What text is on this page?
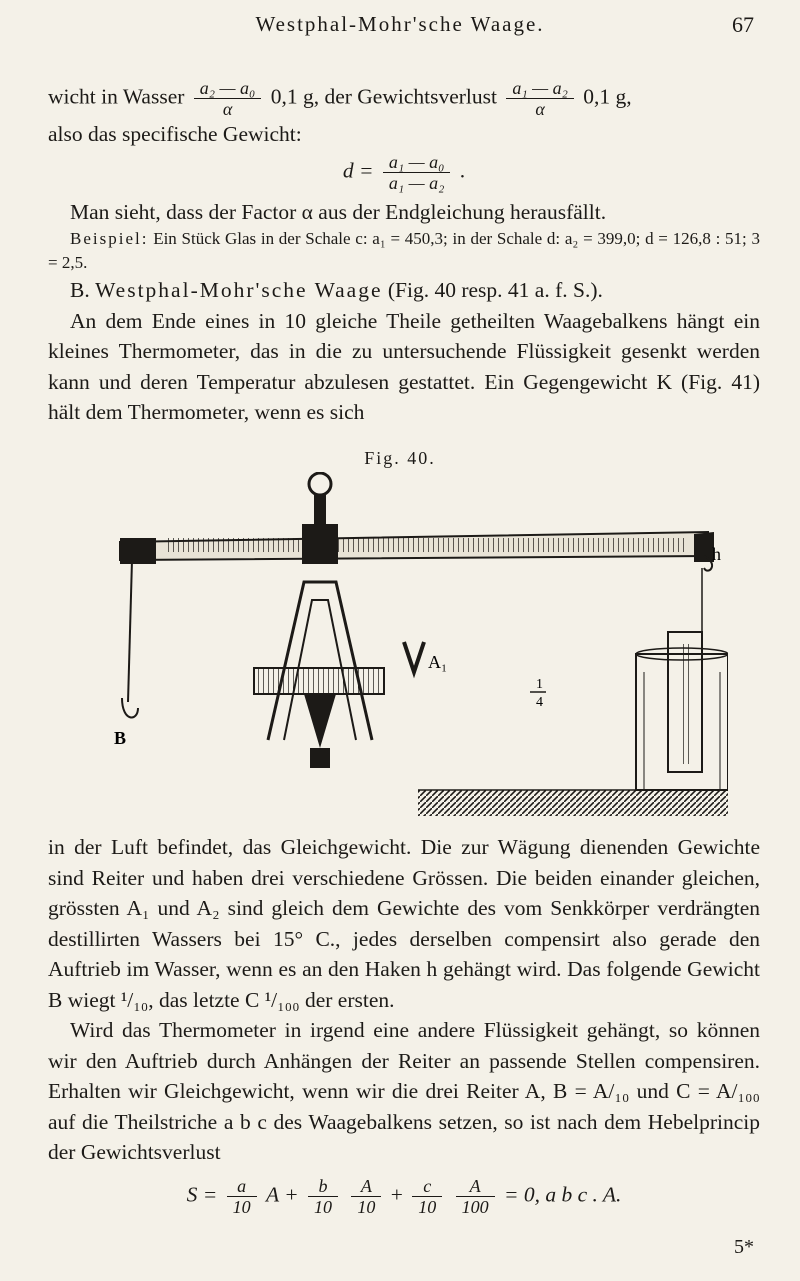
Westphal-Mohr'sche Waage.	67

wicht in Wasser $\frac{\text{a₂ — a₀}}{\alpha} 0,1$ g, der Gewichtsverlust $\frac{\text{a₁ — a₂}}{\alpha} 0,1$ g,

also das specifische Gewicht:

$d = \frac{\text{a₁ — a₀}}{\text{a₁ — a₂}}$ .

Man sieht, dass der Factor α aus der Endgleichung herausfällt.

Beispiel: Ein Stück Glas in der Schale c: a₁ = 450,3; in der Schale d: a₂ = 399,0; d = 126,8 : 51; 3 = 2,5.

B. Westphal-Mohr'sche Waage (Fig. 40 resp. 41 a. f. S.).

An dem Ende eines in 10 gleiche Theile getheilten Waagebalkens hängt ein kleines Thermometer, das in die zu untersuchende Flüssigkeit gesenkt werden kann und deren Temperatur abzulesen gestattet. Ein Gegengewicht K (Fig. 41) hält dem Thermometer, wenn es sich

Fig. 40.
B
h
A₁
1
4

in der Luft befindet, das Gleichgewicht. Die zur Wägung dienenden Gewichte sind Reiter und haben drei verschiedene Grössen. Die beiden einander gleichen, grössten A₁ und A₂ sind gleich dem Gewichte des vom Senkkörper verdrängten destillirten Wassers bei 15° C., jedes derselben compensirt also gerade den Auftrieb im Wasser, wenn es an den Haken h gehängt wird. Das folgende Gewicht B wiegt ¹/₁₀, das letzte C ¹/₁₀₀ der ersten.

Wird das Thermometer in irgend eine andere Flüssigkeit gehängt, so können wir den Auftrieb durch Anhängen der Reiter an passende Stellen compensiren. Erhalten wir Gleichgewicht, wenn wir die drei Reiter A, B = A/₁₀ und C = A/₁₀₀ auf die Theilstriche a b c des Waagebalkens setzen, so ist nach dem Hebelprincip der Gewichtsverlust

$S = \frac{a}{10}$ $A + \frac{b}{10}$
$\frac{A}{10} + \frac{c}{10}$
$\frac{A}{100} = 0$, a b c . A.
5*
